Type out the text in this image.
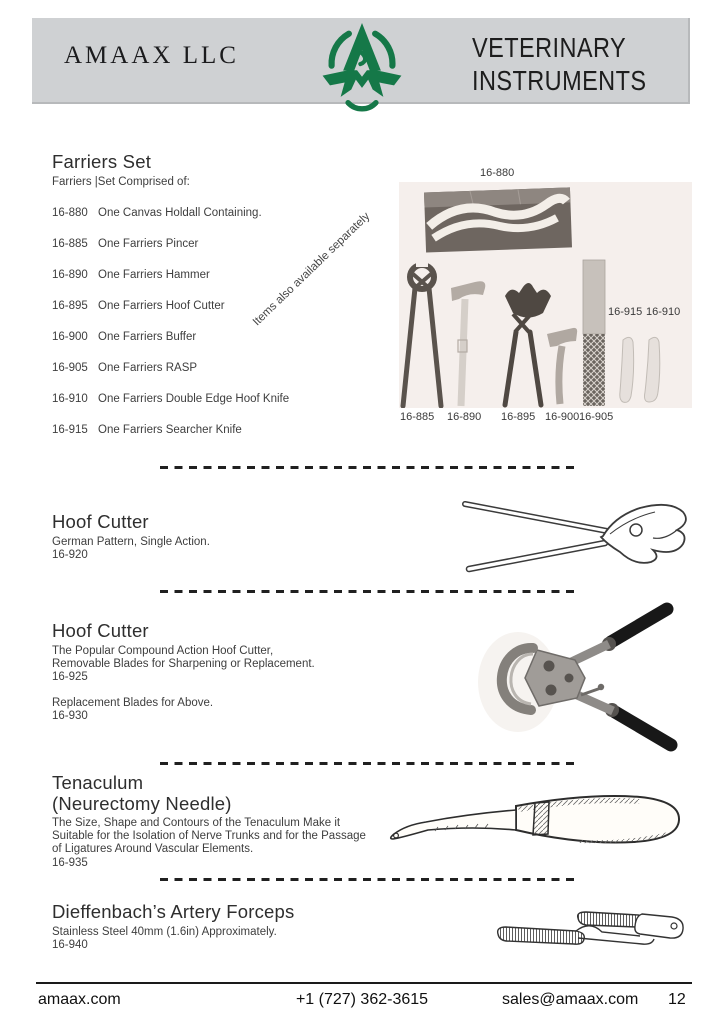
AMAAX LLC	VETERINARY
INSTRUMENTS
Farriers Set
Farriers |Set Comprised of:
16-880 One Canvas Holdall Containing.
16-885 One Farriers Pincer
16-890 One Farriers Hammer
16-895 One Farriers Hoof Cutter
16-900 One Farriers Buffer
16-905 One Farriers RASP
16-910 One Farriers Double Edge Hoof Knife
16-915 One Farriers Searcher Knife
Items also available separately
16-880
16-915 16-910
16-885 16-890 16-895 16-900 16-905
Hoof Cutter
German Pattern, Single Action.
16-920
Hoof Cutter
The Popular Compound Action Hoof Cutter,
Removable Blades for Sharpening or Replacement.
16-925
Replacement Blades for Above.
16-930
Tenaculum
(Neurectomy Needle)
The Size, Shape and Contours of the Tenaculum Make it
Suitable for the Isolation of Nerve Trunks and for the Passage
of Ligatures Around Vascular Elements.
16-935
Dieffenbach’s Artery Forceps
Stainless Steel 40mm (1.6in) Approximately.
16-940
amaax.com	+1 (727) 362-3615	sales@amaax.com 12
